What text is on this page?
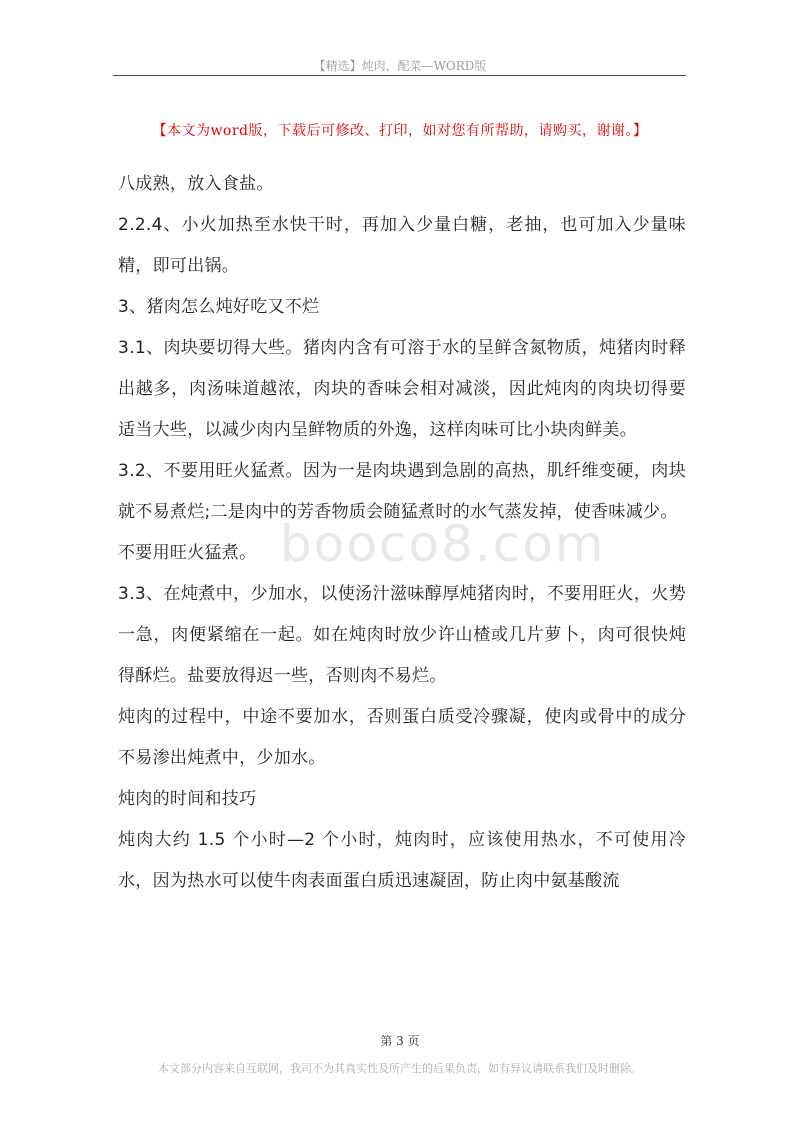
【精选】炖肉，配菜—WORD版
【本文为word版，下载后可修改、打印，如对您有所帮助，请购买，谢谢。】
booco8.com

八成熟，放入食盐。

2.2.4、小火加热至水快干时，再加入少量白糖，老抽，也可加入少量味精，即可出锅。

3、猪肉怎么炖好吃又不烂

3.1、肉块要切得大些。猪肉内含有可溶于水的呈鲜含氮物质，炖猪肉时释出越多，肉汤味道越浓，肉块的香味会相对减淡，因此炖肉的肉块切得要适当大些，以减少肉内呈鲜物质的外逸，这样肉味可比小块肉鲜美。

3.2、不要用旺火猛煮。因为一是肉块遇到急剧的高热，肌纤维变硬，肉块就不易煮烂;二是肉中的芳香物质会随猛煮时的水气蒸发掉，使香味减少。

不要用旺火猛煮。

3.3、在炖煮中，少加水，以使汤汁滋味醇厚炖猪肉时，不要用旺火，火势一急，肉便紧缩在一起。如在炖肉时放少许山楂或几片萝卜，肉可很快炖得酥烂。盐要放得迟一些，否则肉不易烂。

炖肉的过程中，中途不要加水，否则蛋白质受冷骤凝，使肉或骨中的成分不易渗出炖煮中，少加水。

炖肉的时间和技巧

炖肉大约 1.5 个小时—2 个小时，炖肉时，应该使用热水，不可使用冷水，因为热水可以使牛肉表面蛋白质迅速凝固，防止肉中氨基酸流

第 3 页
本文部分内容来自互联网，我司不为其真实性及所产生的后果负责，如有异议请联系我们及时删除。
